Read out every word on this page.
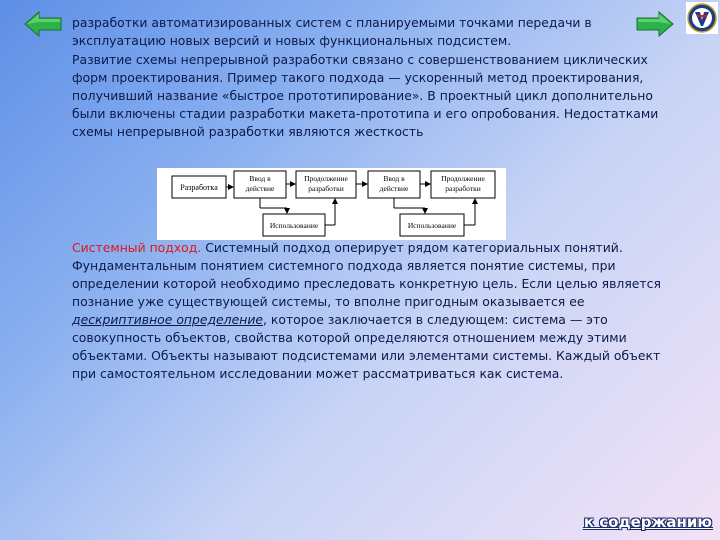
разработки автоматизированных систем с планируемыми точками передачи в эксплуатацию новых версий и новых функциональных подсистем.

Развитие схемы непрерывной разработки связано с совершенствованием циклических форм проектирования. Пример такого подхода — ускоренный метод проектирования, получивший название «быстрое прототипирование». В проектный цикл дополнительно были включены стадии разработки макета-прототипа и его опробования. Недостатками схемы непрерывной разработки являются жесткость

Разработка
Ввод в
действие
Продолжение
разработки
Ввод в
действие
Продолжение
разработки
Использование	Использование

Системный подход. Системный подход оперирует рядом категориальных понятий. Фундаментальным понятием системного подхода является понятие системы, при определении которой необходимо преследовать конкретную цель. Если целью является познание уже существующей системы, то вполне пригодным оказывается ее дескриптивное определение, которое заключается в следующем: система — это совокупность объектов, свойства которой определяются отношением между этими объектами. Объекты называют подсистемами или элементами системы. Каждый объект при самостоятельном исследовании может рассматриваться как система.

к содержанию
